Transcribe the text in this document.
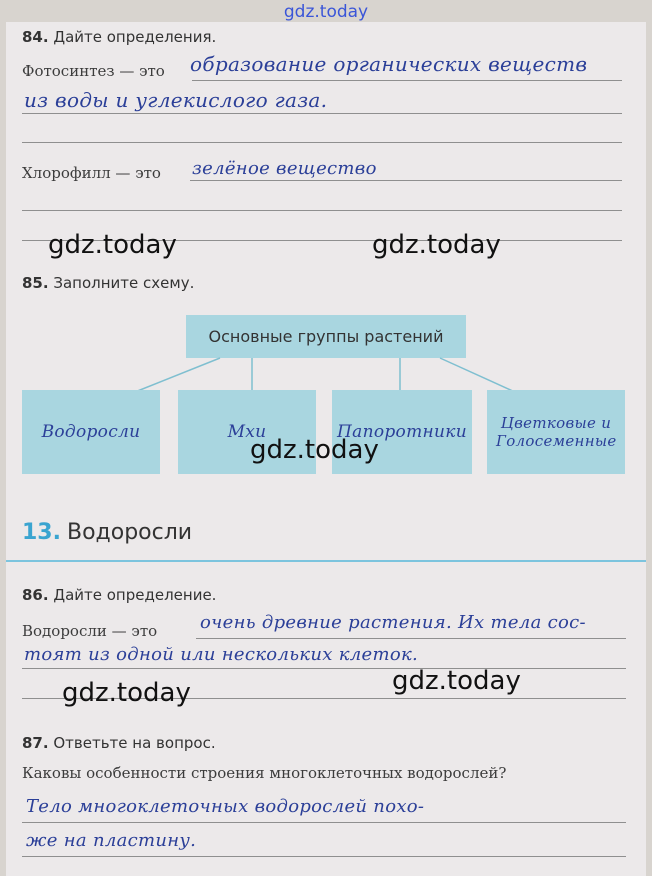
gdz.today
84. Дайте определения.
Фотосинтез — это образование органических веществ
из воды и углекислого газа.
Хлорофилл — это зелёное вещество
gdz.today	gdz.today
85. Заполните схему.
Основные группы растений
Водоросли	Мхи	Папоротники	Цветковые и Голосеменные
gdz.today
13. Водоросли
86. Дайте определение.
Водоросли — это очень древние растения. Их тела сос-
тоят из одной или нескольких клеток.
gdz.today	gdz.today
87. Ответьте на вопрос.
Каковы особенности строения многоклеточных водорослей?
Тело многоклеточных водорослей похо-
же на пластину.
